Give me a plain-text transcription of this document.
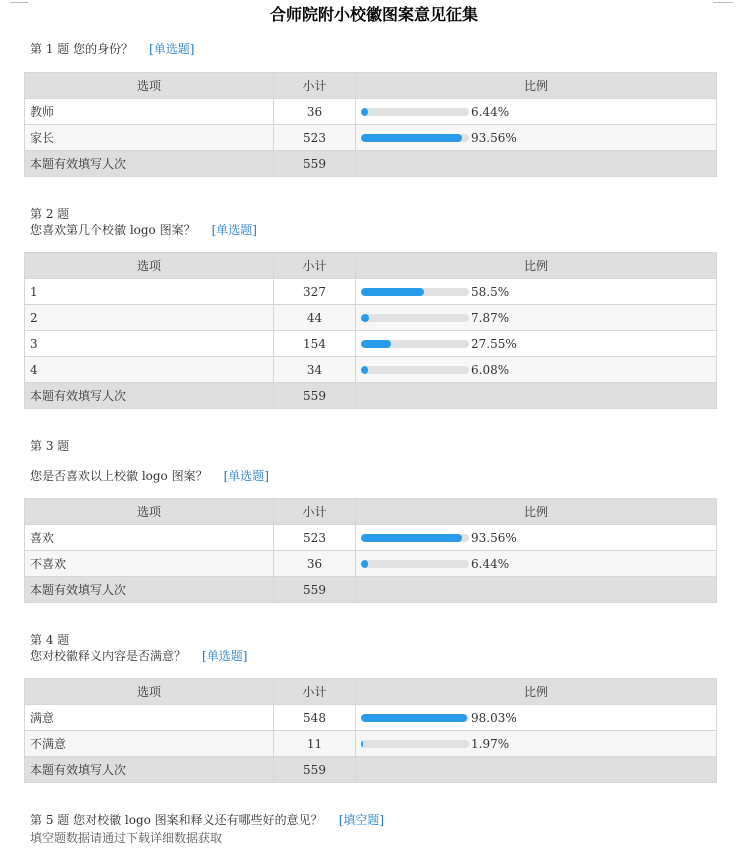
合师院附小校徽图案意见征集
第 1 题 您的身份？ [单选题]
选项	小计	比例
教师	36	6.44%
家长	523	93.56%
本题有效填写人次	559	
第 2 题
您喜欢第几个校徽 logo 图案？ [单选题]
选项	小计	比例
1	327	58.5%
2	44	7.87%
3	154	27.55%
4	34	6.08%
本题有效填写人次	559	
第 3 题
您是否喜欢以上校徽 logo 图案？ [单选题]
选项	小计	比例
喜欢	523	93.56%
不喜欢	36	6.44%
本题有效填写人次	559	
第 4 题
您对校徽释义内容是否满意？ [单选题]
选项	小计	比例
满意	548	98.03%
不满意	11	1.97%
本题有效填写人次	559	
第 5 题 您对校徽 logo 图案和释义还有哪些好的意见？ [填空题]
填空题数据请通过下载详细数据获取
